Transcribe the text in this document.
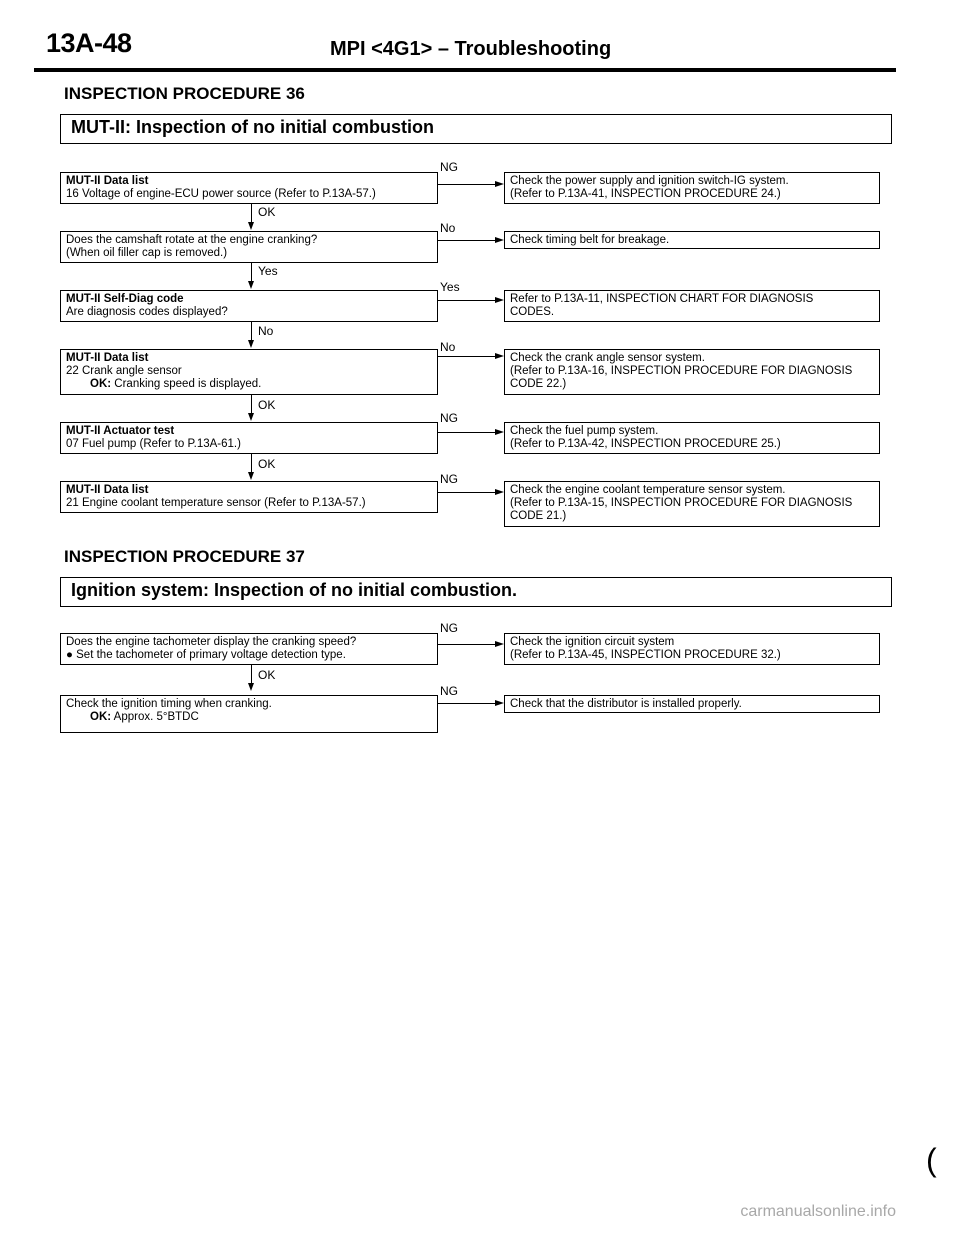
13A-48	MPI <4G1> – Troubleshooting
INSPECTION PROCEDURE 36
MUT-II: Inspection of no initial combustion
MUT-II Data list
16 Voltage of engine-ECU power source (Refer to P.13A-57.)
NG
Check the power supply and ignition switch-IG system.
(Refer to P.13A-41, INSPECTION PROCEDURE 24.)
OK
Does the camshaft rotate at the engine cranking?
(When oil filler cap is removed.)
No
Check timing belt for breakage.
Yes
MUT-II Self-Diag code
Are diagnosis codes displayed?
Yes
Refer to P.13A-11, INSPECTION CHART FOR DIAGNOSIS
CODES.
No
MUT-II Data list
22 Crank angle sensor
OK: Cranking speed is displayed.
No
Check the crank angle sensor system.
(Refer to P.13A-16, INSPECTION PROCEDURE FOR DIAGNOSIS
CODE 22.)
OK
MUT-II Actuator test
07 Fuel pump (Refer to P.13A-61.)
NG
Check the fuel pump system.
(Refer to P.13A-42, INSPECTION PROCEDURE 25.)
OK
MUT-II Data list
21 Engine coolant temperature sensor (Refer to P.13A-57.)
NG
Check the engine coolant temperature sensor system.
(Refer to P.13A-15, INSPECTION PROCEDURE FOR DIAGNOSIS
CODE 21.)
INSPECTION PROCEDURE 37
Ignition system: Inspection of no initial combustion.
Does the engine tachometer display the cranking speed?
● Set the tachometer of primary voltage detection type.
NG
Check the ignition circuit system
(Refer to P.13A-45, INSPECTION PROCEDURE 32.)
OK
Check the ignition timing when cranking.
OK: Approx. 5°BTDC
NG
Check that the distributor is installed properly.
(
carmanualsonline.info
